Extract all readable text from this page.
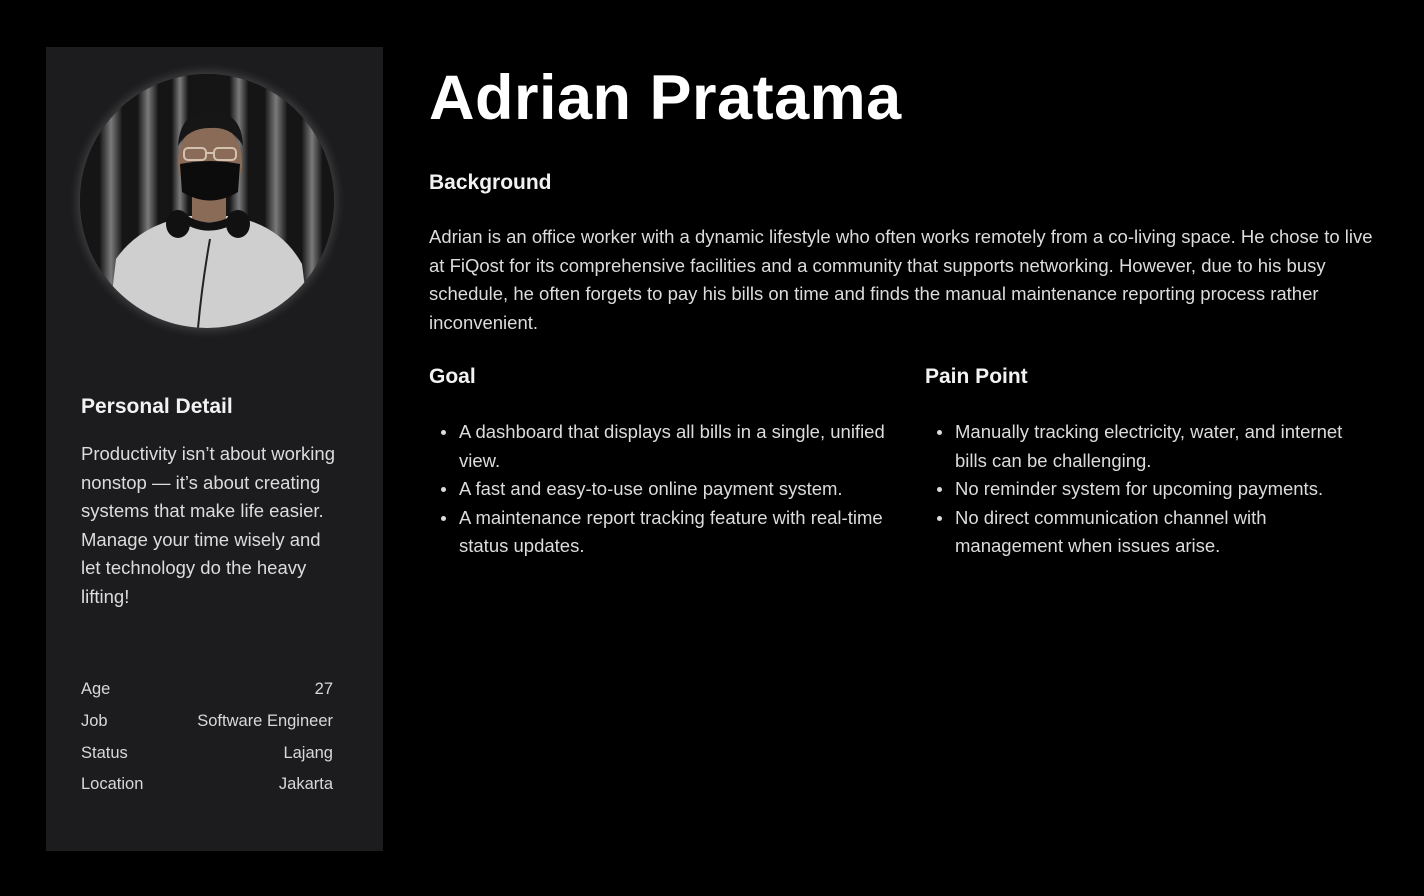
Personal Detail

Productivity isn’t about working nonstop — it’s about creating systems that make life easier. Manage your time wisely and let technology do the heavy lifting!

Age	27
Job	Software Engineer
Status	Lajang
Location	Jakarta
Adrian Pratama
Background

Adrian is an office worker with a dynamic lifestyle who often works remotely from a co-living space. He chose to live at FiQost for its comprehensive facilities and a community that supports networking. However, due to his busy schedule, he often forgets to pay his bills on time and finds the manual maintenance reporting process rather inconvenient.

Goal
A dashboard that displays all bills in a single, unified view.
A fast and easy-to-use online payment system.
A maintenance report tracking feature with real-time status updates.
Pain Point
Manually tracking electricity, water, and internet bills can be challenging.
No reminder system for upcoming payments.
No direct communication channel with management when issues arise.
